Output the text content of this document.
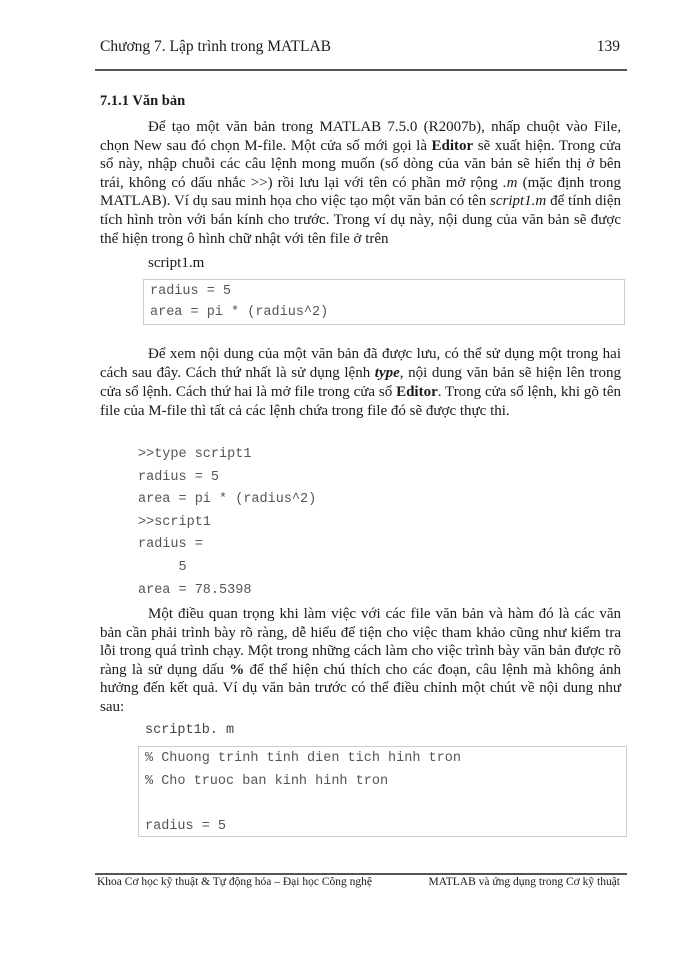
Chương 7. Lập trình trong MATLAB	139
7.1.1 Văn bản
Để tạo một văn bản trong MATLAB 7.5.0 (R2007b), nhấp chuột vào File, chọn New sau đó chọn M-file. Một cửa số mới gọi là Editor sẽ xuất hiện. Trong cửa sổ này, nhập chuỗi các câu lệnh mong muốn (số dòng của văn bản sẽ hiển thị ở bên trái, không có dấu nhắc >>) rồi lưu lại với tên có phần mở rộng .m (mặc định trong MATLAB). Ví dụ sau minh họa cho việc tạo một văn bản có tên script1.m để tính diện tích hình tròn với bán kính cho trước. Trong ví dụ này, nội dung của văn bản sẽ được thể hiện trong ô hình chữ nhật với tên file ở trên
script1.m
radius = 5
area = pi * (radius^2)
Để xem nội dung của một văn bản đã được lưu, có thể sử dụng một trong hai cách sau đây. Cách thứ nhất là sử dụng lệnh type, nội dung văn bản sẽ hiện lên trong cửa sổ lệnh. Cách thứ hai là mở file trong cửa sổ Editor. Trong cửa sổ lệnh, khi gõ tên file của M-file thì tất cả các lệnh chứa trong file đó sẽ được thực thi.
>>type script1
radius = 5
area = pi * (radius^2)
>>script1
radius =
5
area = 78.5398
Một điều quan trọng khi làm việc với các file văn bản và hàm đó là các văn bản cần phải trình bày rõ ràng, dễ hiểu để tiện cho việc tham khảo cũng như kiểm tra lỗi trong quá trình chạy. Một trong những cách làm cho việc trình bày văn bản được rõ ràng là sử dụng dấu % để thể hiện chú thích cho các đoạn, câu lệnh mà không ảnh hưởng đến kết quả. Ví dụ văn bản trước có thể điều chỉnh một chút về nội dung như sau:
script1b. m
% Chuong trinh tinh dien tich hinh tron
% Cho truoc ban kinh hinh tron

radius = 5
Khoa Cơ học kỹ thuật & Tự động hóa – Đại học Công nghệ	MATLAB và ứng dụng trong Cơ kỹ thuật
